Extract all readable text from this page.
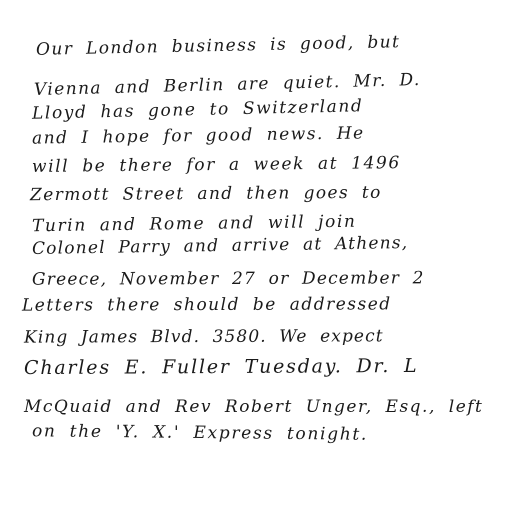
Our London business is good, but

Vienna and Berlin are quiet. Mr. D.

Lloyd has gone to Switzerland

and I hope for good news. He

will be there for a week at 1496

Zermott Street and then goes to

Turin and Rome and will join

Colonel Parry and arrive at Athens,

Greece, November 27 or December 2

Letters there should be addressed

King James Blvd. 3580. We expect

Charles E. Fuller Tuesday. Dr. L

McQuaid and Rev Robert Unger, Esq., left

on the 'Y. X.' Express tonight.
